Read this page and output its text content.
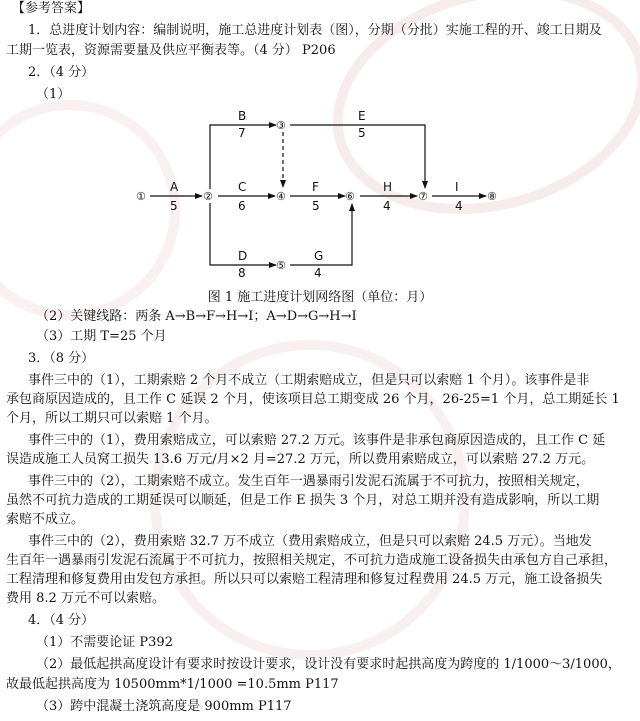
【参考答案】
1．总进度计划内容：编制说明，施工总进度计划表（图），分期（分批）实施工程的开、竣工日期及
工期一览表，资源需要量及供应平衡表等。（4 分） P206
2．（4 分）
（1）
A
5
B
7
C
6
D
8
E
5
F
5
G
4
H
4
I
4
①	②
③
④
⑤
⑥	⑦	⑧
图 1 施工进度计划网络图（单位：月）
（2）关键线路：两条 A→B→F→H→I；A→D→G→H→I
（3）工期 T=25 个月
3．（8 分）
事件三中的（1），工期索赔 2 个月不成立（工期索赔成立，但是只可以索赔 1 个月）。该事件是非
承包商原因造成的，且工作 C 延误 2 个月，使该项目总工期变成 26 个月，26-25=1 个月，总工期延长 1
个月，所以工期只可以索赔 1 个月。
事件三中的（1），费用索赔成立，可以索赔 27.2 万元。该事件是非承包商原因造成的，且工作 C 延
误造成施工人员窝工损失 13.6 万元/月×2 月=27.2 万元，所以费用索赔成立，可以索赔 27.2 万元。
事件三中的（2），工期索赔不成立。发生百年一遇暴雨引发泥石流属于不可抗力，按照相关规定，
虽然不可抗力造成的工期延误可以顺延，但是工作 E 损失 3 个月，对总工期并没有造成影响，所以工期
索赔不成立。
事件三中的（2），费用索赔 32.7 万不成立（费用索赔成立，但是只可以索赔 24.5 万元）。当地发
生百年一遇暴雨引发泥石流属于不可抗力，按照相关规定，不可抗力造成施工设备损失由承包方自己承担，
工程清理和修复费用由发包方承担。所以只可以索赔工程清理和修复过程费用 24.5 万元，施工设备损失
费用 8.2 万元不可以索赔。
4．（4 分）
（1）不需要论证 P392
（2）最低起拱高度设计有要求时按设计要求，设计没有要求时起拱高度为跨度的 1/1000～3/1000，
故最低起拱高度为 10500mm*1/1000 =10.5mm P117
（3）跨中混凝土浇筑高度是 900mm P117
